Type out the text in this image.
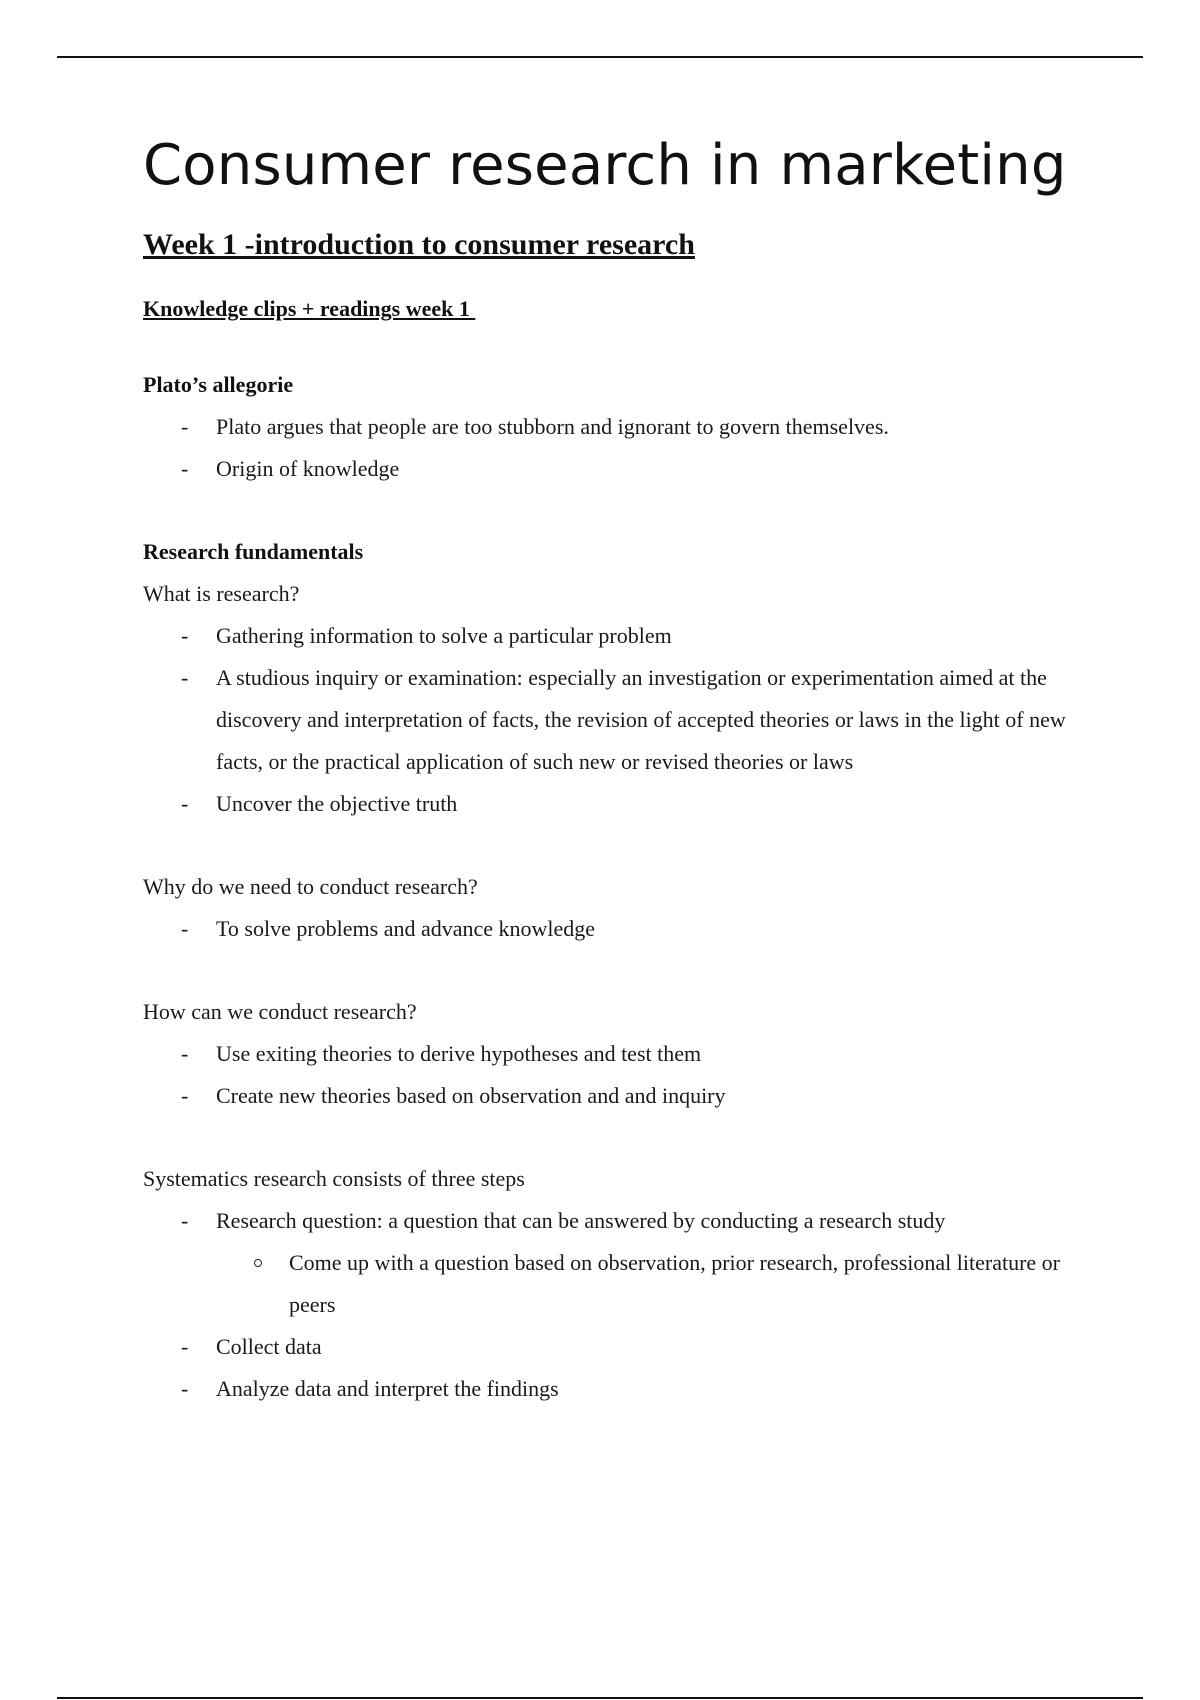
Consumer research in marketing
Week 1 -introduction to consumer research
Knowledge clips + readings week 1

Plato’s allegorie

- Plato argues that people are too stubborn and ignorant to govern themselves.
- Origin of knowledge

Research fundamentals

What is research?

- Gathering information to solve a particular problem
- A studious inquiry or examination: especially an investigation or experimentation aimed at the discovery and interpretation of facts, the revision of accepted theories or laws in the light of new facts, or the practical application of such new or revised theories or laws
- Uncover the objective truth

Why do we need to conduct research?

- To solve problems and advance knowledge

How can we conduct research?

- Use exiting theories to derive hypotheses and test them
- Create new theories based on observation and and inquiry

Systematics research consists of three steps

- Research question: a question that can be answered by conducting a research study
Come up with a question based on observation, prior research, professional literature or peers
- Collect data
- Analyze data and interpret the findings
